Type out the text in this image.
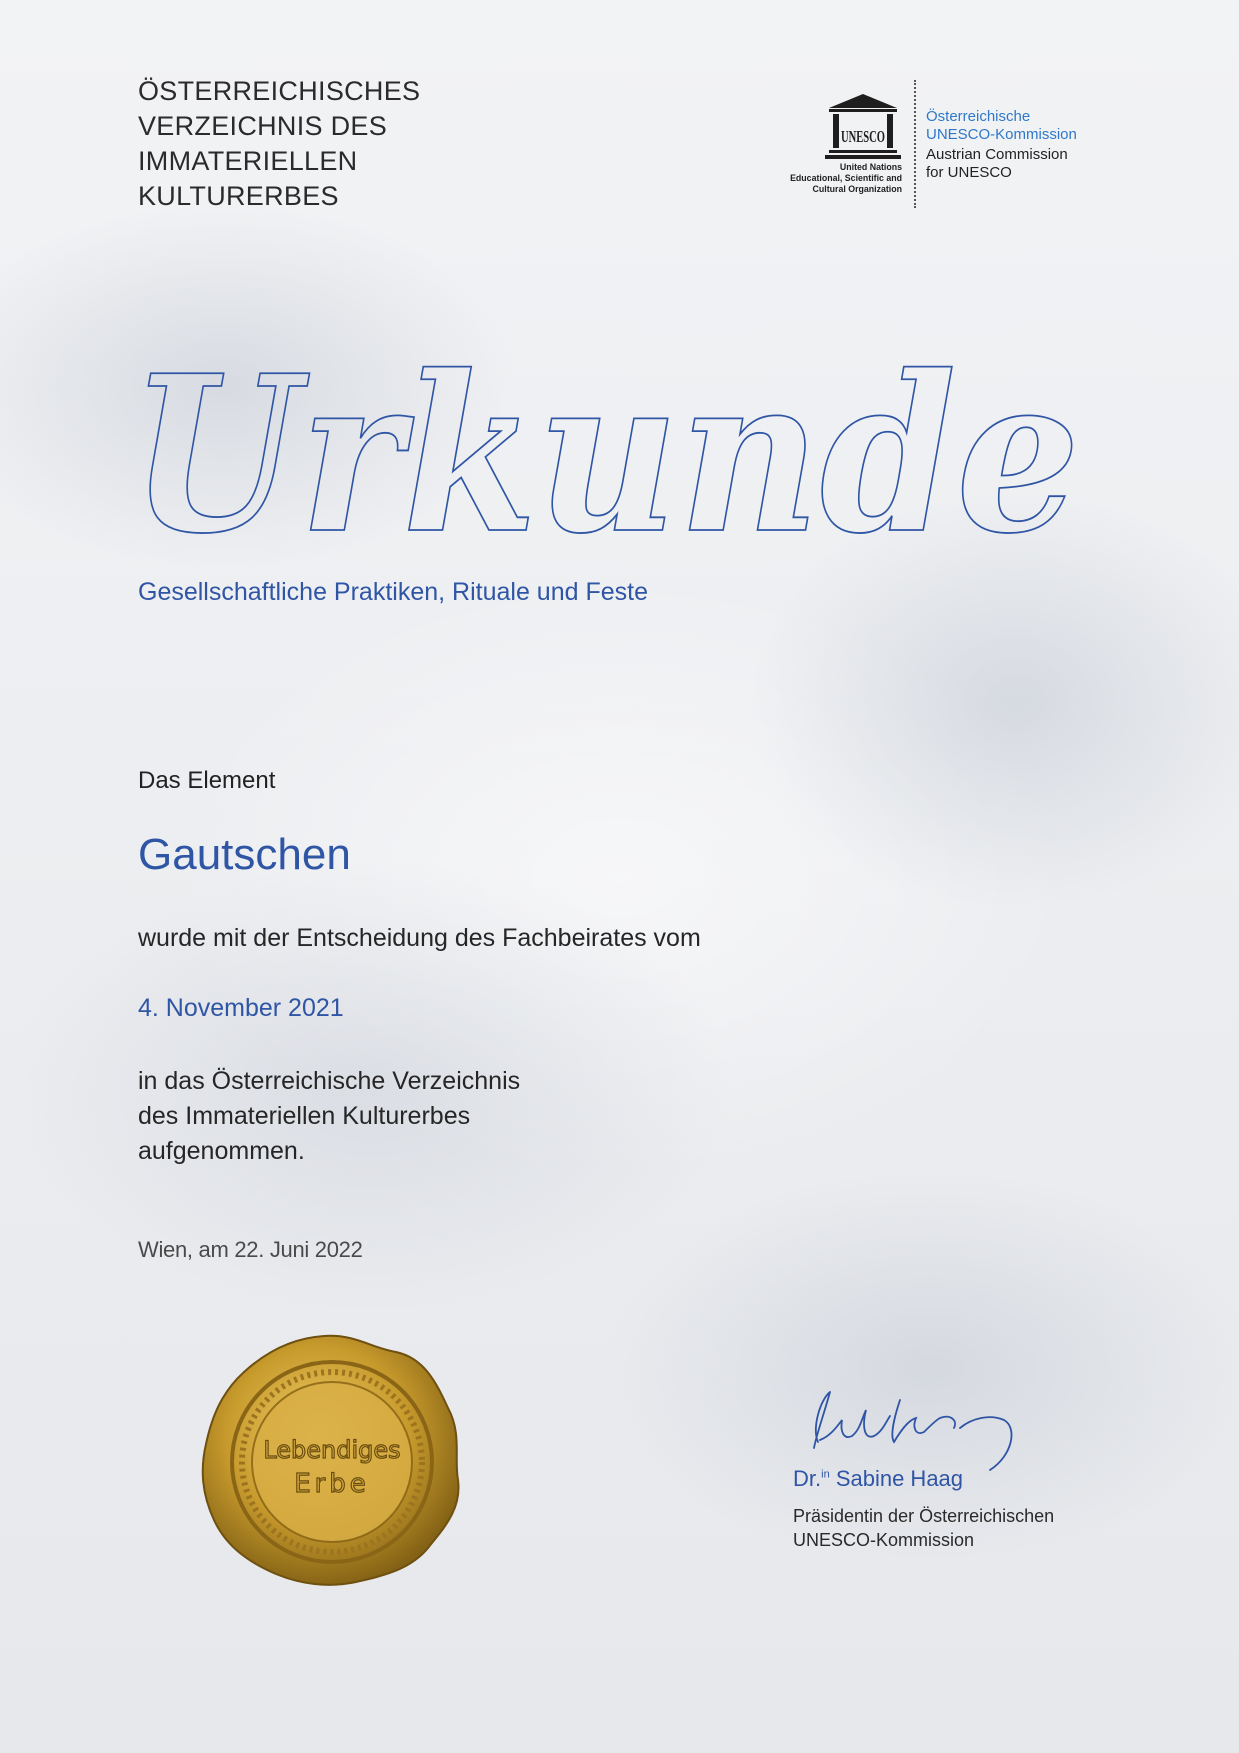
ÖSTERREICHISCHES
VERZEICHNIS DES
IMMATERIELLEN
KULTURERBES
UNESCO
United Nations
Educational, Scientific and
Cultural Organization
Österreichische
UNESCO-Kommission
Austrian Commission
for UNESCO
Urkunde
Gesellschaftliche Praktiken, Rituale und Feste
Das Element
Gautschen
wurde mit der Entscheidung des Fachbeirates vom
4. November 2021
in das Österreichische Verzeichnis
des Immateriellen Kulturerbes
aufgenommen.
Wien, am 22. Juni 2022
Lebendiges
Erbe	Dr.$^{in}$ Sabine Haag
Präsidentin der Österreichischen
UNESCO-Kommission
